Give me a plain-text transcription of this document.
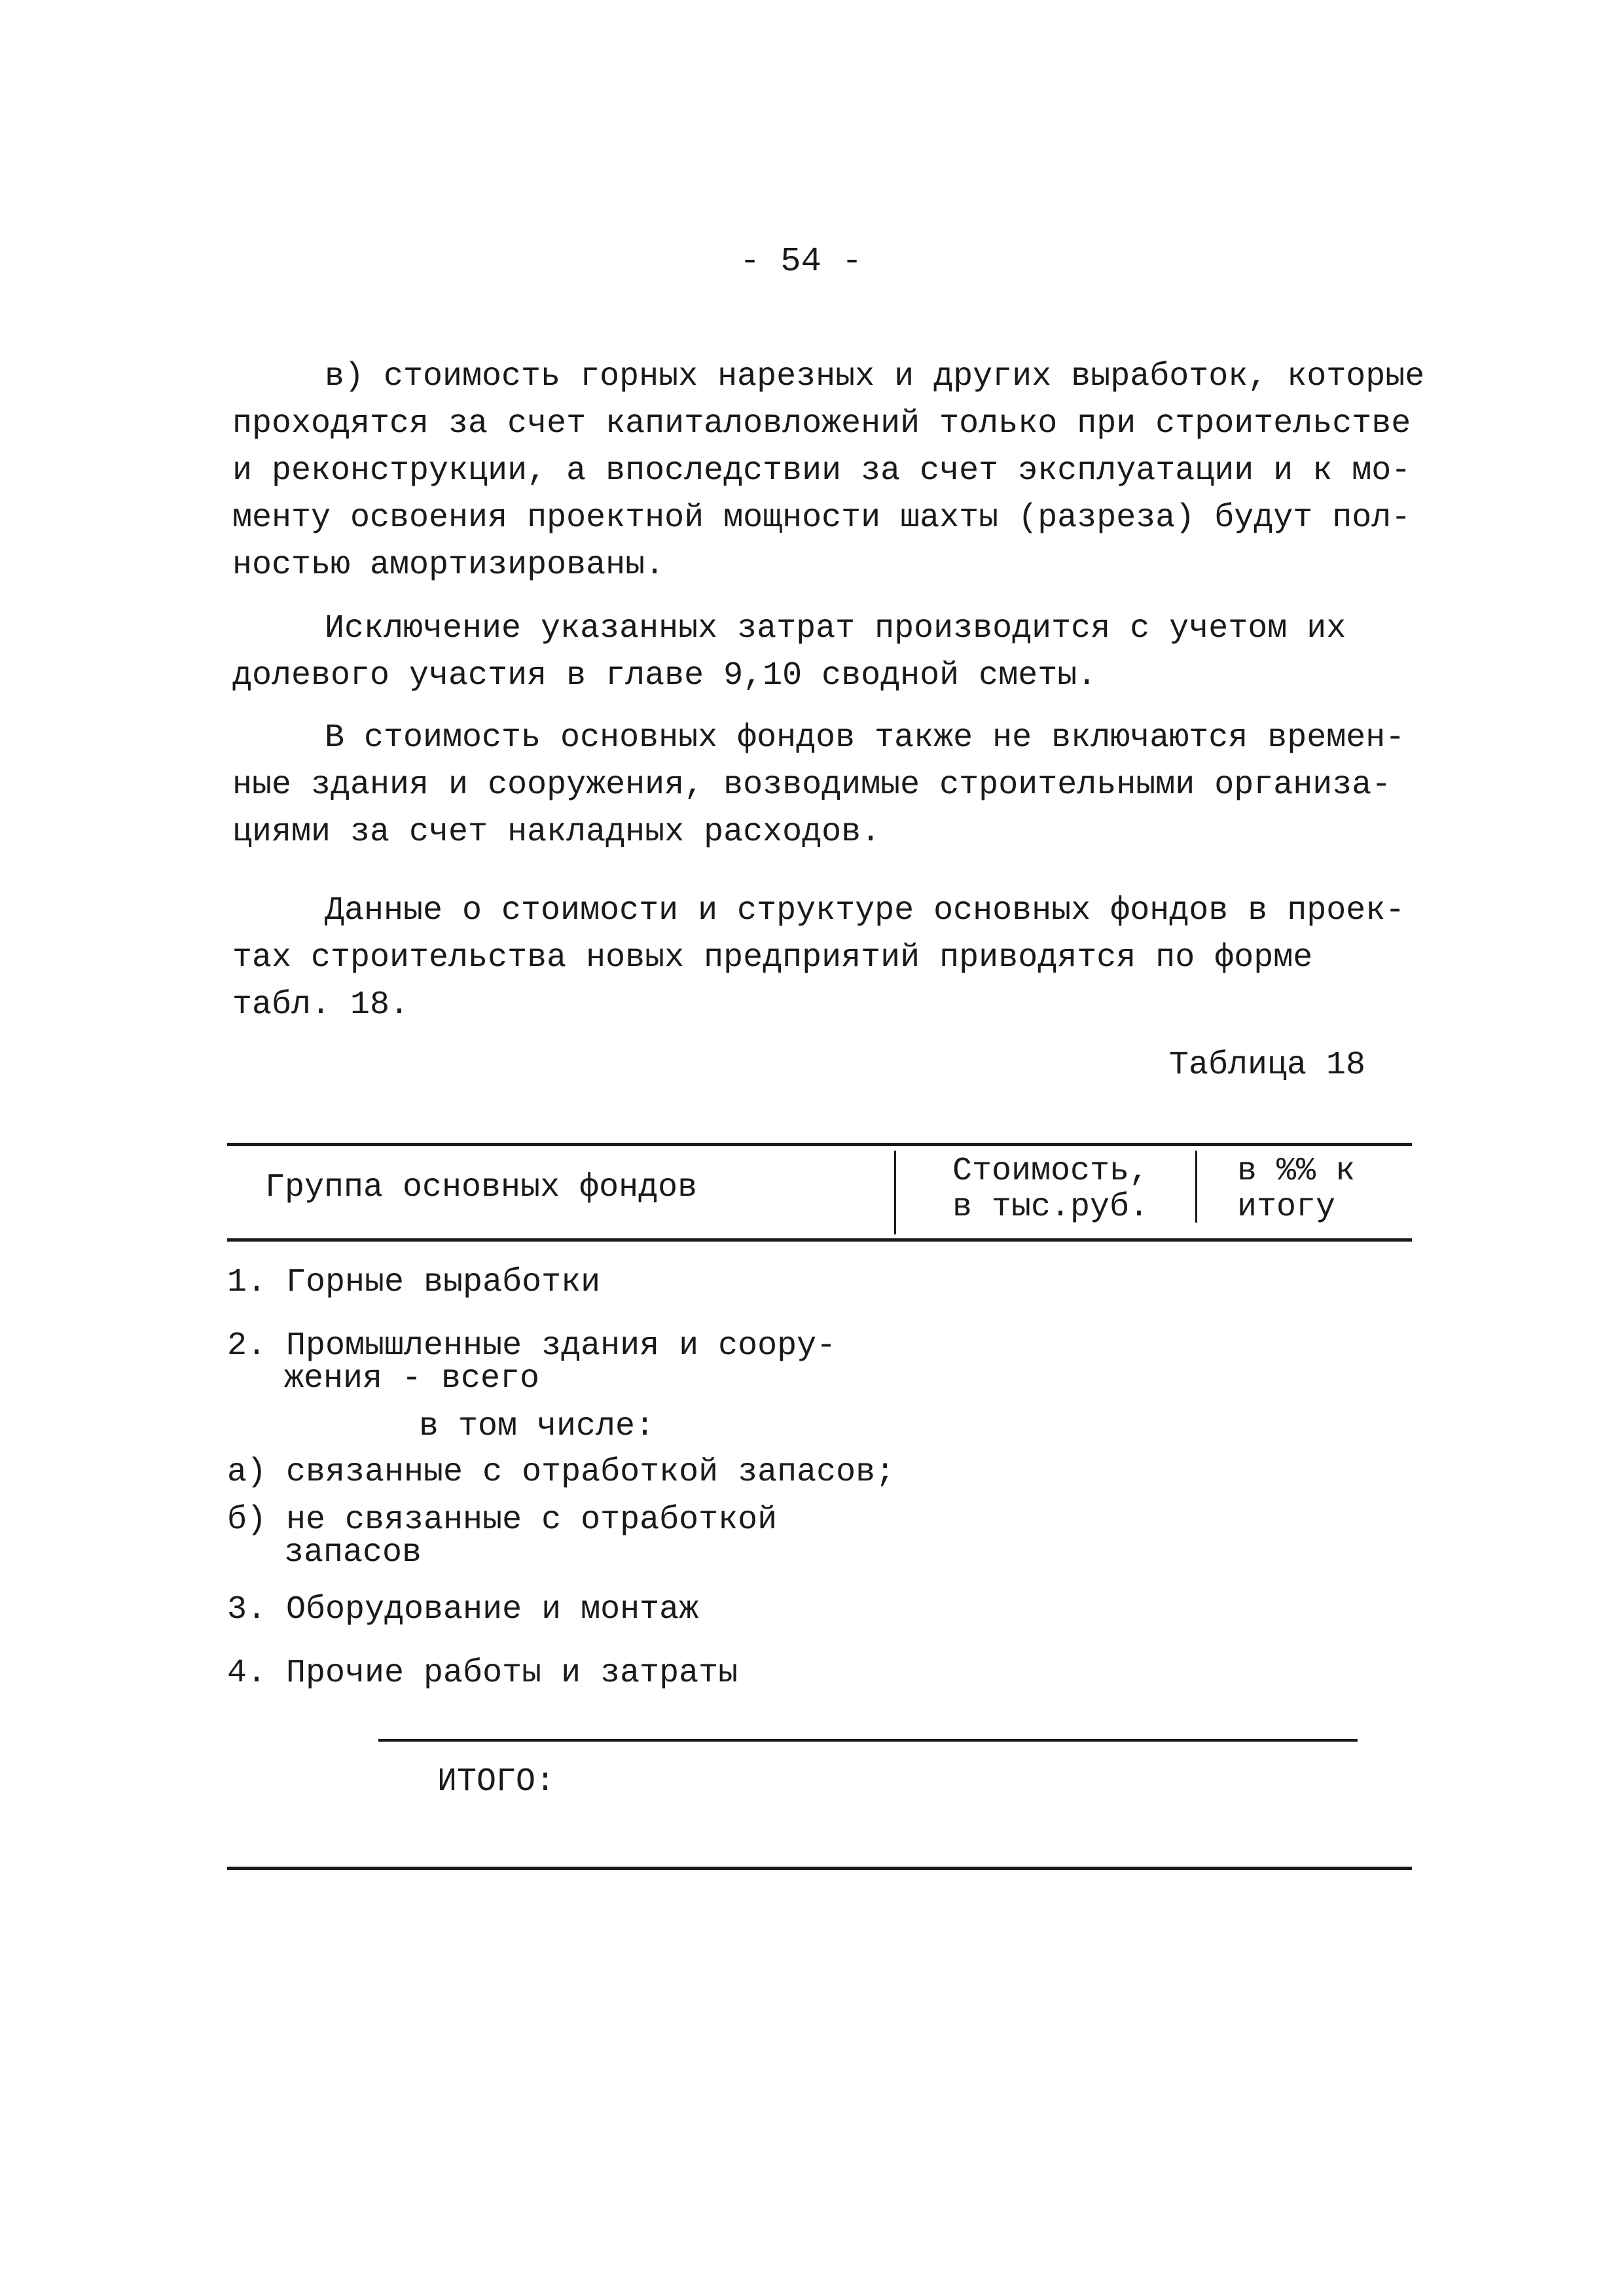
- 54 -
в) стоимость горных нарезных и других выработок, которые
проходятся за счет капиталовложений только при строительстве
и реконструкции, а впоследствии за счет эксплуатации и к мо-
менту освоения проектной мощности шахты (разреза) будут пол-
ностью амортизированы.
Исключение указанных затрат производится с учетом их
долевого участия в главе 9,10 сводной сметы.
В стоимость основных фондов также не включаются времен-
ные здания и сооружения, возводимые строительными организа-
циями за счет накладных расходов.
Данные о стоимости и структуре основных фондов в проек-
тах строительства новых предприятий приводятся по форме
табл. 18.
Таблица 18
Группа основных фондов	Стоимость,
в тыс.руб.
в %% к
итогу
1. Горные выработки
2. Промышленные здания и соору-
жения - всего
в том числе:
а) связанные с отработкой запасов;
б) не связанные с отработкой
запасов
3. Оборудование и монтаж
4. Прочие работы и затраты
ИТОГО:
